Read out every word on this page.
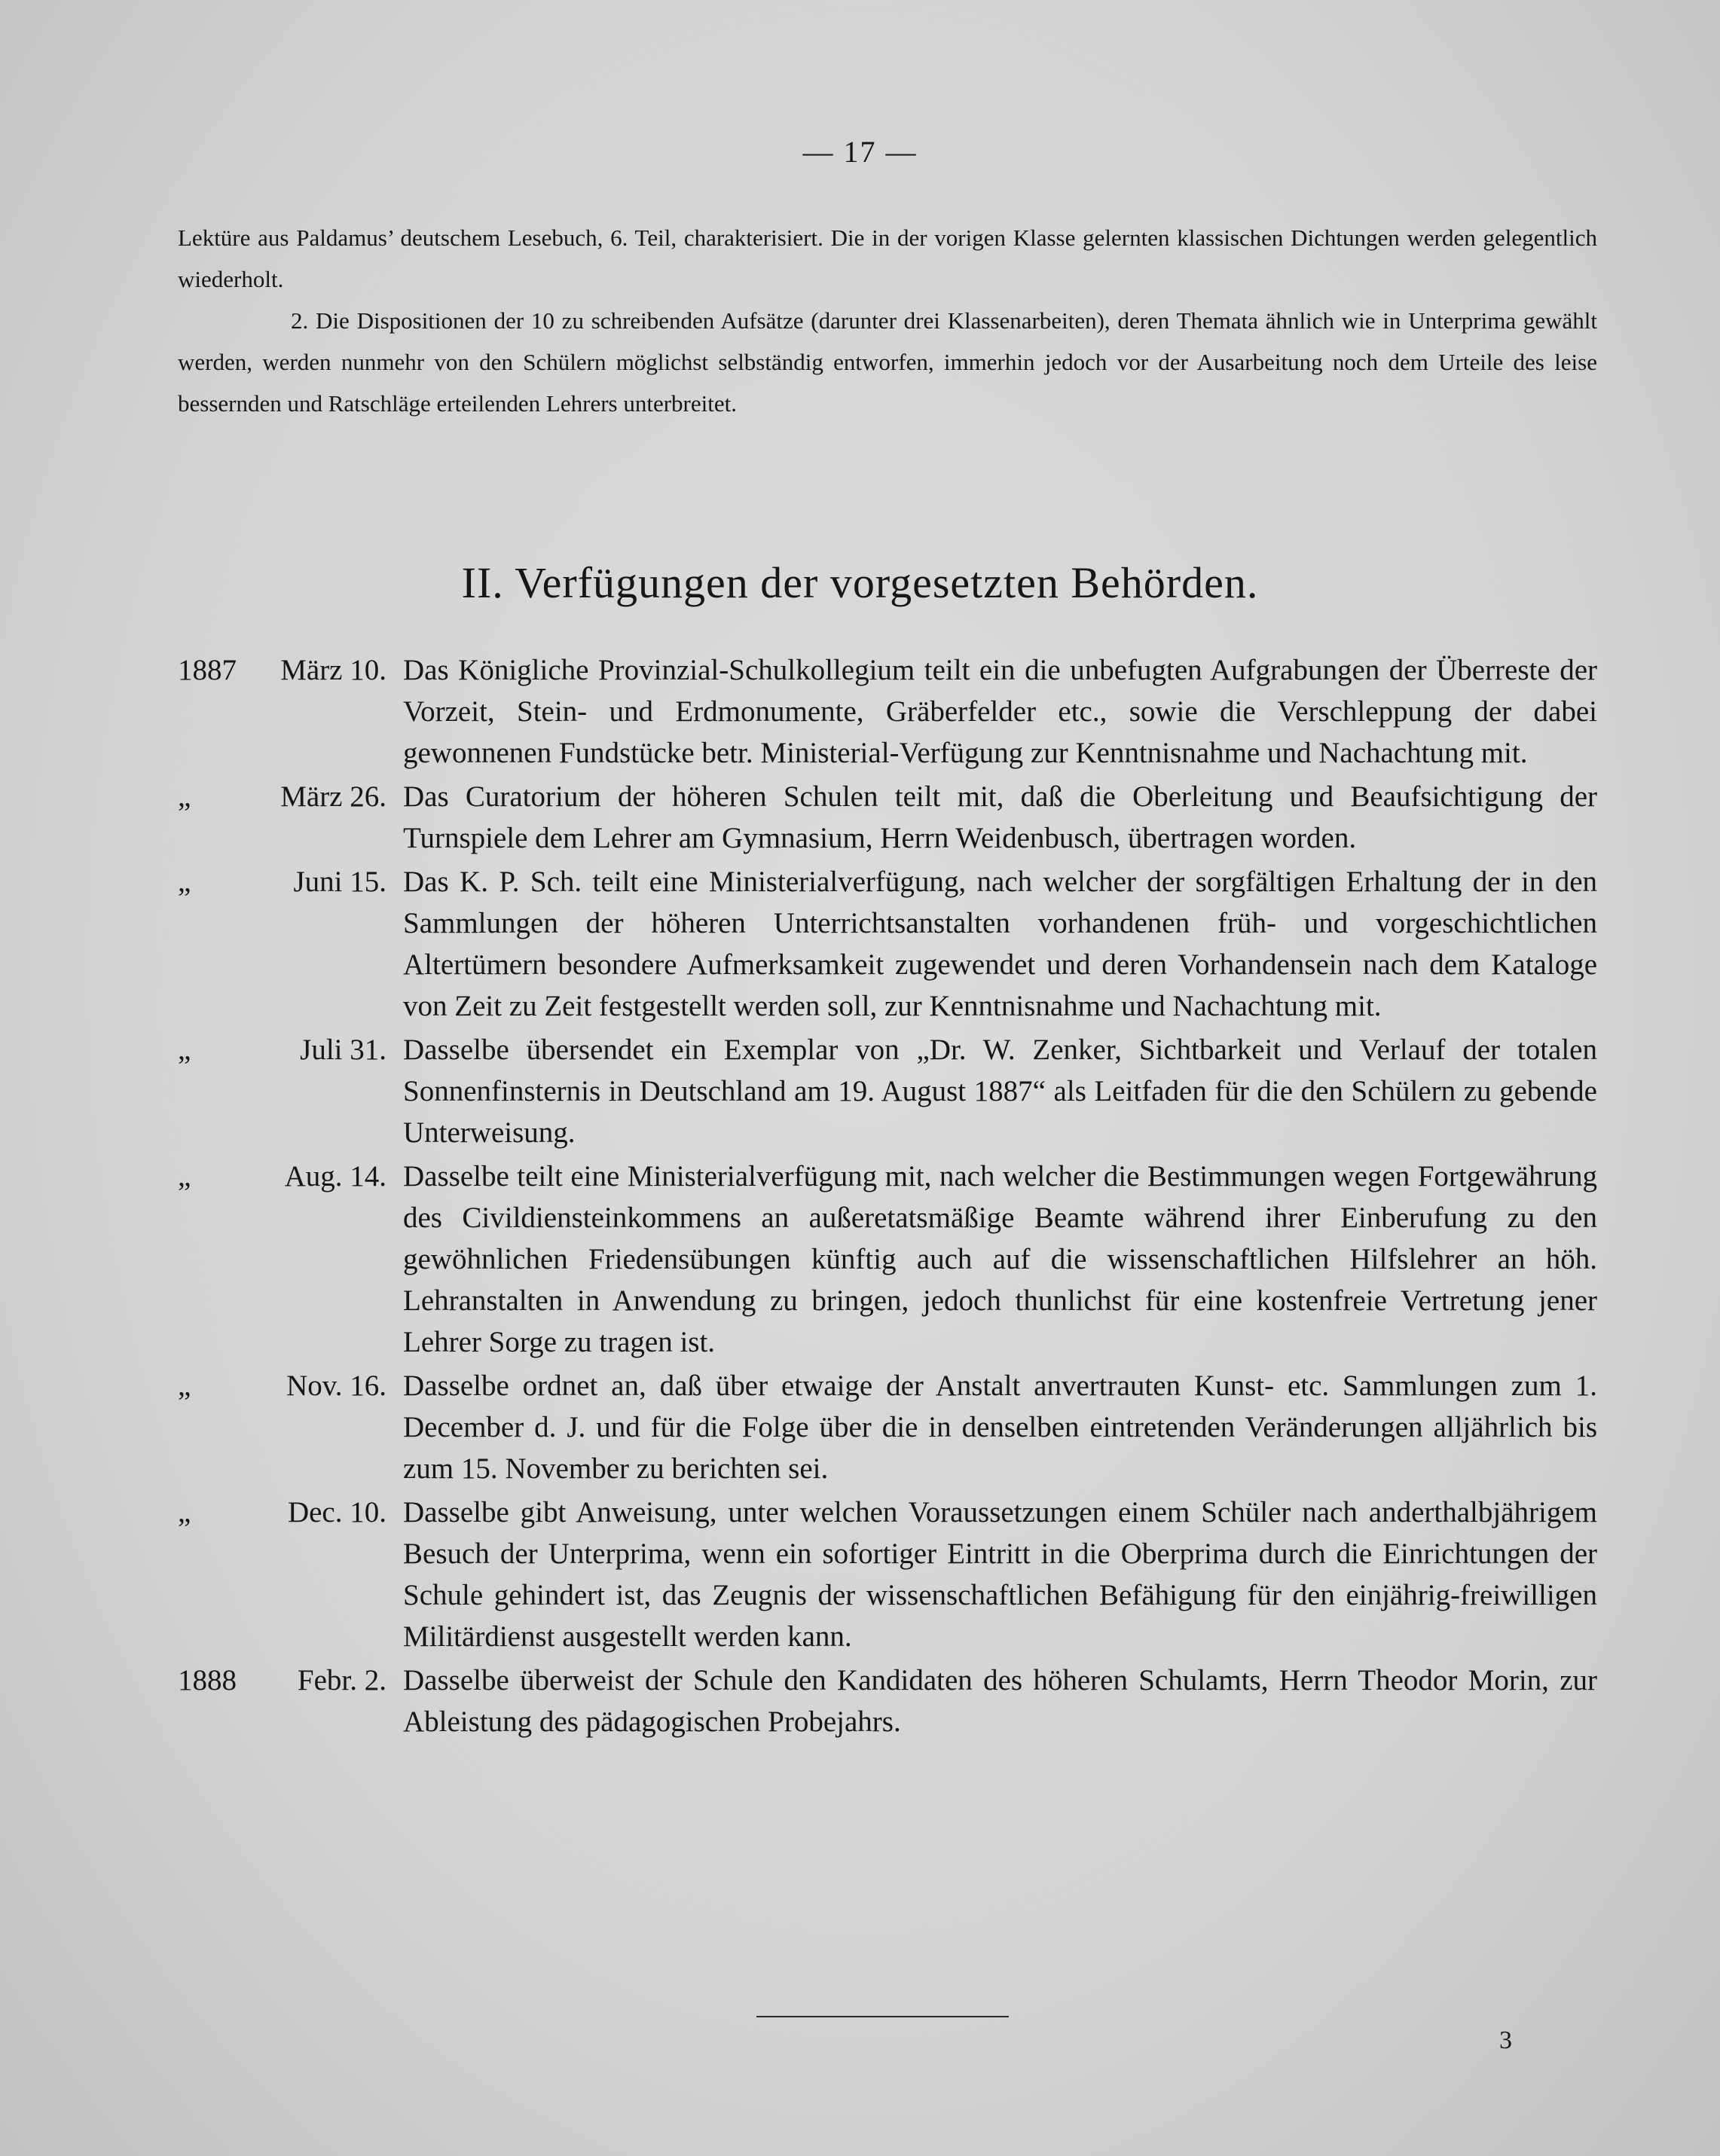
— 17 —

Lektüre aus Paldamus’ deutschem Lesebuch, 6. Teil, charakterisiert. Die in der vorigen Klasse gelernten klassischen Dichtungen werden gelegentlich wiederholt.

2. Die Dispositionen der 10 zu schreibenden Aufsätze (darunter drei Klassenarbeiten), deren Themata ähnlich wie in Unterprima gewählt werden, werden nunmehr von den Schülern möglichst selbständig entworfen, immerhin jedoch vor der Ausarbeitung noch dem Urteile des leise bessernden und Ratschläge erteilenden Lehrers unterbreitet.

II. Verfügungen der vorgesetzten Behörden.
1887	März 10. Das Königliche Provinzial-Schulkollegium teilt ein die unbefugten Aufgrabungen der Überreste der Vorzeit, Stein- und Erdmonumente, Gräberfelder etc., sowie die Verschleppung der dabei gewonnenen Fundstücke betr. Ministerial-Verfügung zur Kenntnisnahme und Nachachtung mit.
„	März 26. Das Curatorium der höheren Schulen teilt mit, daß die Oberleitung und Beaufsichtigung der Turnspiele dem Lehrer am Gymnasium, Herrn Weidenbusch, übertragen worden.
„	Juni 15. Das K. P. Sch. teilt eine Ministerialverfügung, nach welcher der sorgfältigen Erhaltung der in den Sammlungen der höheren Unterrichtsanstalten vorhandenen früh- und vorgeschichtlichen Altertümern besondere Aufmerksamkeit zugewendet und deren Vorhandensein nach dem Kataloge von Zeit zu Zeit festgestellt werden soll, zur Kenntnisnahme und Nachachtung mit.
„	Juli 31. Dasselbe übersendet ein Exemplar von „Dr. W. Zenker, Sichtbarkeit und Verlauf der totalen Sonnenfinsternis in Deutschland am 19. August 1887“ als Leitfaden für die den Schülern zu gebende Unterweisung.
„	Aug. 14. Dasselbe teilt eine Ministerialverfügung mit, nach welcher die Bestimmungen wegen Fortgewährung des Civildiensteinkommens an außeretatsmäßige Beamte während ihrer Einberufung zu den gewöhnlichen Friedensübungen künftig auch auf die wissenschaftlichen Hilfslehrer an höh. Lehranstalten in Anwendung zu bringen, jedoch thunlichst für eine kostenfreie Vertretung jener Lehrer Sorge zu tragen ist.
„	Nov. 16. Dasselbe ordnet an, daß über etwaige der Anstalt anvertrauten Kunst- etc. Sammlungen zum 1. December d. J. und für die Folge über die in denselben eintretenden Veränderungen alljährlich bis zum 15. November zu berichten sei.
„	Dec. 10. Dasselbe gibt Anweisung, unter welchen Voraussetzungen einem Schüler nach anderthalbjährigem Besuch der Unterprima, wenn ein sofortiger Eintritt in die Oberprima durch die Einrichtungen der Schule gehindert ist, das Zeugnis der wissenschaftlichen Befähigung für den einjährig-freiwilligen Militärdienst ausgestellt werden kann.
1888	Febr. 2. Dasselbe überweist der Schule den Kandidaten des höheren Schulamts, Herrn Theodor Morin, zur Ableistung des pädagogischen Probejahrs.
3
